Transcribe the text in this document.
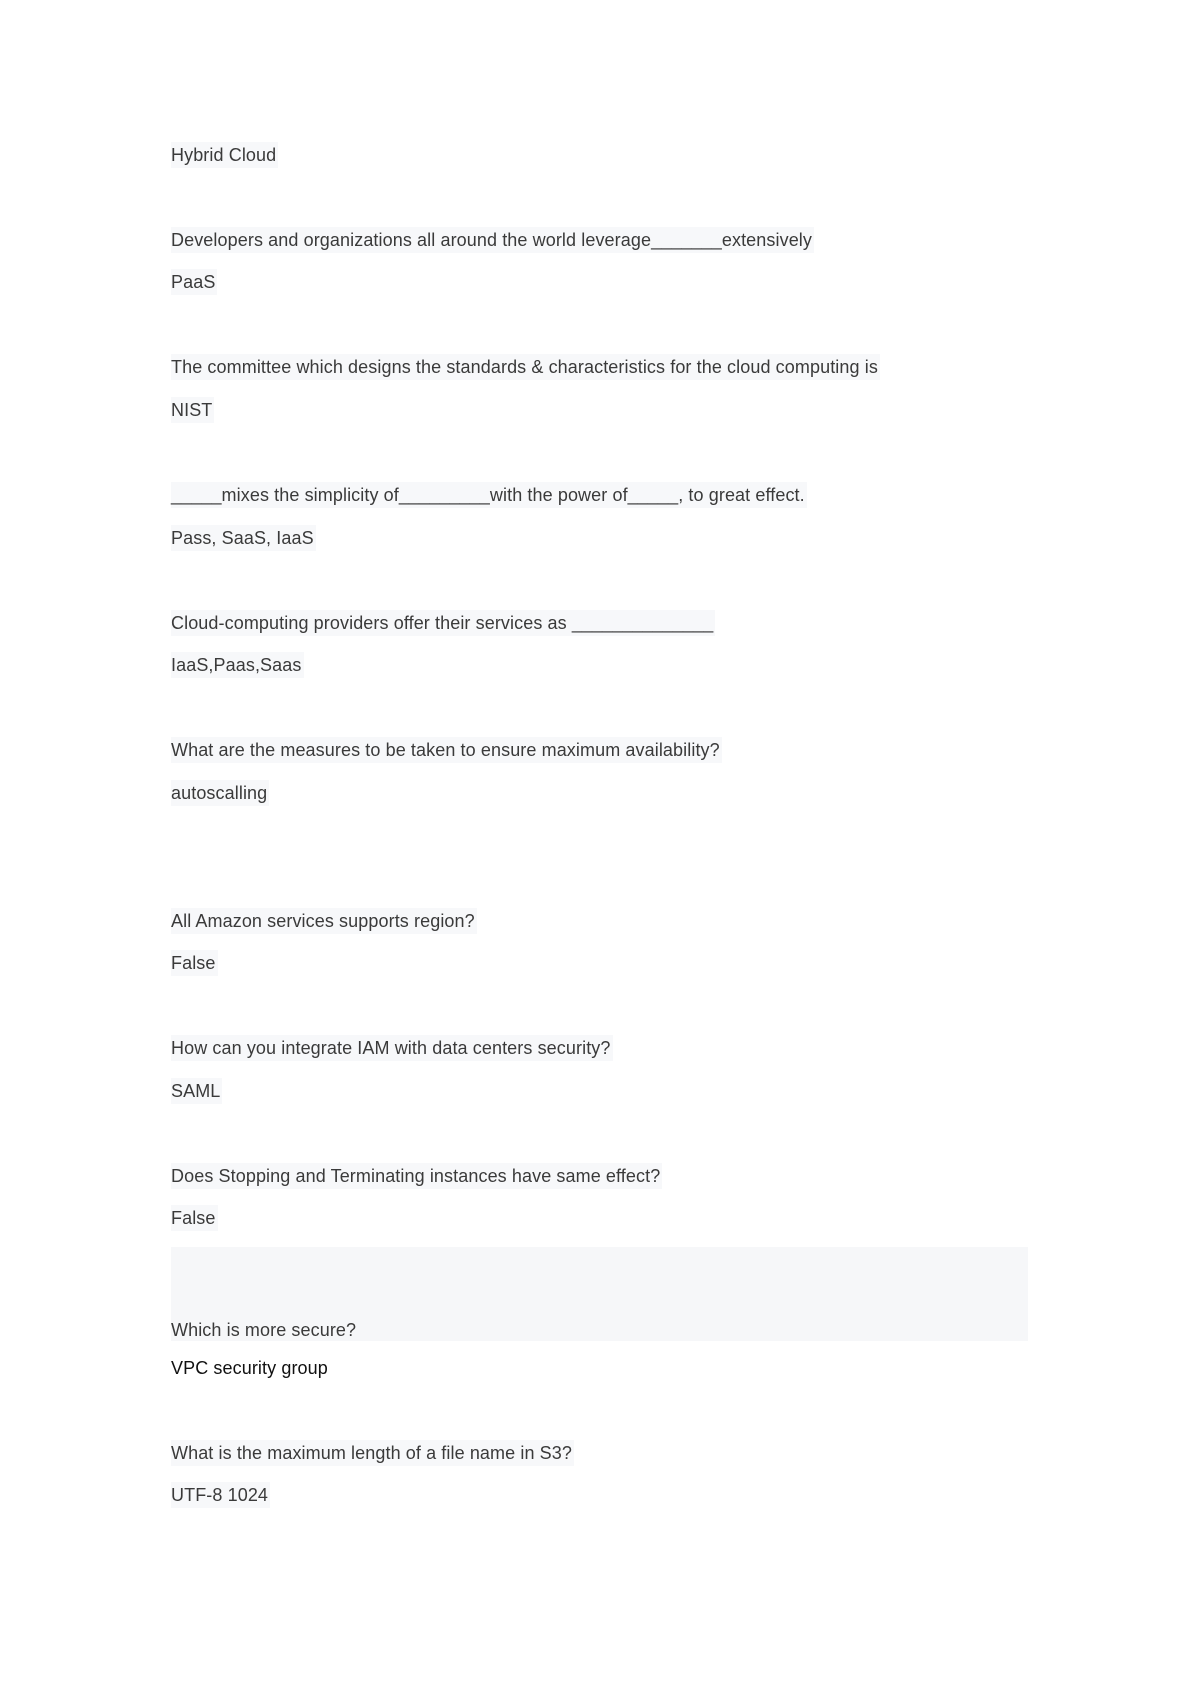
Hybrid Cloud
Developers and organizations all around the world leverage_______extensively
PaaS
The committee which designs the standards & characteristics for the cloud computing is
NIST
_____mixes the simplicity of_________with the power of_____, to great effect.
Pass, SaaS, IaaS
Cloud-computing providers offer their services as ______________
IaaS,Paas,Saas
What are the measures to be taken to ensure maximum availability?
autoscalling
All Amazon services supports region?
False
How can you integrate IAM with data centers security?
SAML
Does Stopping and Terminating instances have same effect?
False
Which is more secure?
VPC security group
What is the maximum length of a file name in S3?
UTF-8 1024
